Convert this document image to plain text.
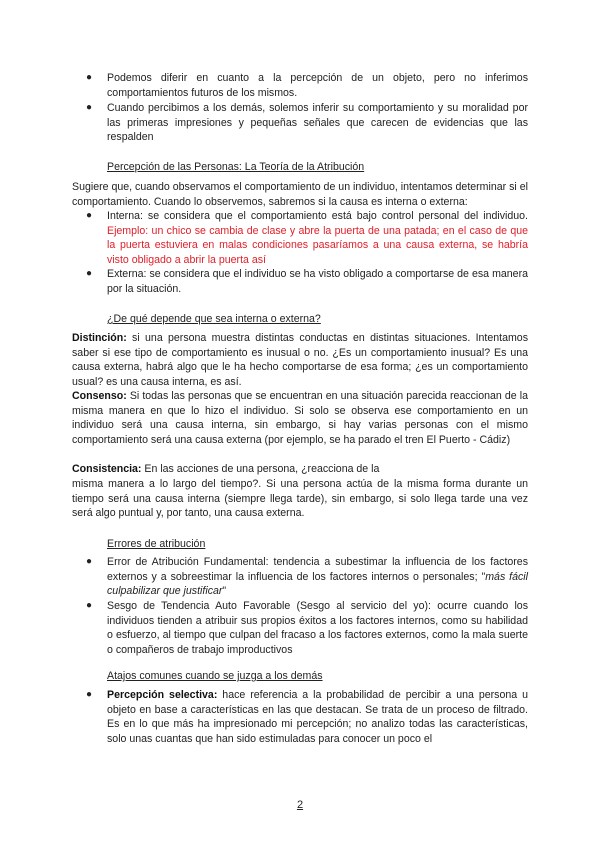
● Podemos diferir en cuanto a la percepción de un objeto, pero no inferimos comportamientos futuros de los mismos.
● Cuando percibimos a los demás, solemos inferir su comportamiento y su moralidad por las primeras impresiones y pequeñas señales que carecen de evidencias que las respalden
Percepción de las Personas: La Teoría de la Atribución
Sugiere que, cuando observamos el comportamiento de un individuo, intentamos determinar si el comportamiento. Cuando lo observemos, sabremos si la causa es interna o externa:
● Interna: se considera que el comportamiento está bajo control personal del individuo. Ejemplo: un chico se cambia de clase y abre la puerta de una patada; en el caso de que la puerta estuviera en malas condiciones pasaríamos a una causa externa, se habría visto obligado a abrir la puerta así
● Externa: se considera que el individuo se ha visto obligado a comportarse de esa manera por la situación.
¿De qué depende que sea interna o externa?
Distinción: si una persona muestra distintas conductas en distintas situaciones. Intentamos saber si ese tipo de comportamiento es inusual o no. ¿Es un comportamiento inusual? Es una causa externa, habrá algo que le ha hecho comportarse de esa forma; ¿es un comportamiento usual? es una causa interna, es así.
Consenso: Si todas las personas que se encuentran en una situación parecida reaccionan de la misma manera en que lo hizo el individuo. Si solo se observa ese comportamiento en un individuo será una causa interna, sin embargo, si hay varias personas con el mismo comportamiento será una causa externa (por ejemplo, se ha parado el tren El Puerto - Cádiz)
Consistencia: En las acciones de una persona, ¿reacciona de la
misma manera a lo largo del tiempo?. Si una persona actúa de la misma forma durante un tiempo será una causa interna (siempre llega tarde), sin embargo, si solo llega tarde una vez será algo puntual y, por tanto, una causa externa.
Errores de atribución
● Error de Atribución Fundamental: tendencia a subestimar la influencia de los factores externos y a sobreestimar la influencia de los factores internos o personales; "más fácil culpabilizar que justificar"
● Sesgo de Tendencia Auto Favorable (Sesgo al servicio del yo): ocurre cuando los individuos tienden a atribuir sus propios éxitos a los factores internos, como su habilidad o esfuerzo, al tiempo que culpan del fracaso a los factores externos, como la mala suerte o compañeros de trabajo improductivos
Atajos comunes cuando se juzga a los demás
● Percepción selectiva: hace referencia a la probabilidad de percibir a una persona u objeto en base a características en las que destacan. Se trata de un proceso de filtrado. Es en lo que más ha impresionado mi percepción; no analizo todas las características, solo unas cuantas que han sido estimuladas para conocer un poco el
2
